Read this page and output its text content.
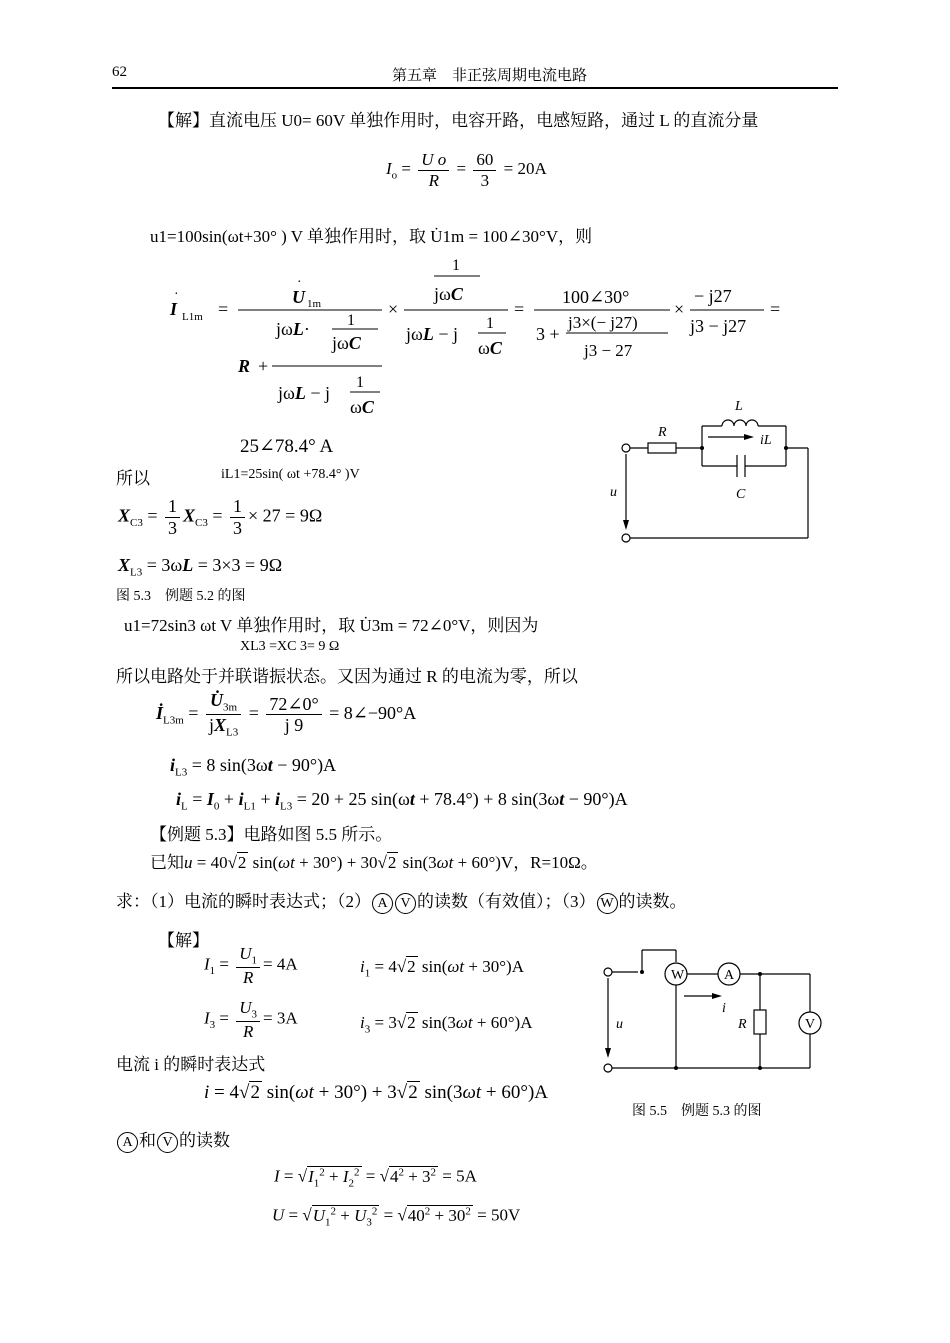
62	第五章　非正弦周期电流电路
【解】直流电压 U0= 60V 单独作用时，电容开路，电感短路，通过 L 的直流分量
$I_o = \frac{\text{U o}}{R} = \frac{60}{3} = 20A$
u1=100sin(ωt+30° ) V 单独作用时，取 U̇1m = 100∠30°V，则
I
·
L1m =
U
·
1m
jωL· 1
jωC
R +
jωL − j
1
ωC
×
1
jωC
jωL − j
1
ωC
=
100∠30°
3 +
j3×(− j27)
j3 − 27
×
− j27
j3 − j27
=
25∠78.4° A
所以	iL1=25sin( ωt +78.4° )V
$X_{C3} = \frac{1}{3} X_{C3} = \frac{1}{3} \times 27 = 9\Omega$
$X_{L3} = 3\omega L = 3\times 3 = 9\Omega$
图 5.3　例题 5.2 的图
L
R
iL
u	C
u1=72sin3 ωt V 单独作用时，取 U̇3m = 72∠0°V，则因为
XL3 =XC 3= 9 Ω
所以电路处于并联谐振状态。又因为通过 R 的电流为零，所以
$İ_{L3m} = \frac{U̇_{3m}}{jX_{L3}} = \frac{72\angle 0^\circ}{j 9}$ = 8∠−90°A
$i_{L3} = 8$ sin(3ωt − 90°)A
$i_L = I_0 + i_{L1} + i_{L3} = 20 + 25$ sin(ωt + 78.4°) + 8 sin(3ωt − 90°)A
【例题 5.3】电路如图 5.5 所示。
已知u = 40√2 sin(ωt + 30°) + 30√2 sin(3ωt + 60°)V，R=10Ω。
求：（1）电流的瞬时表达式；（2） A V 的读数（有效值）；（3） W 的读数。
【解】
$I_1 = \frac{U_1}{R} = 4A$	$i_1 = 4√2$ sin(ωt + 30°)A
$I_3 = \frac{U_3}{R} = 3A$	$i_3 = 3√2$ sin(3ωt + 60°)A
电流 i 的瞬时表达式
i = 4√2 sin(ωt + 30°) + 3√2 sin(3ωt + 60°)A
W	A
V
i
u	R
图 5.5　例题 5.3 的图
A 和 V 的读数
$I = √I_1^2 + I_2^2 = √4^2 + 3^2 = 5A$
$U = √U_1^2 + U_3^2 = √40^2 + 30^2 = 50V$
